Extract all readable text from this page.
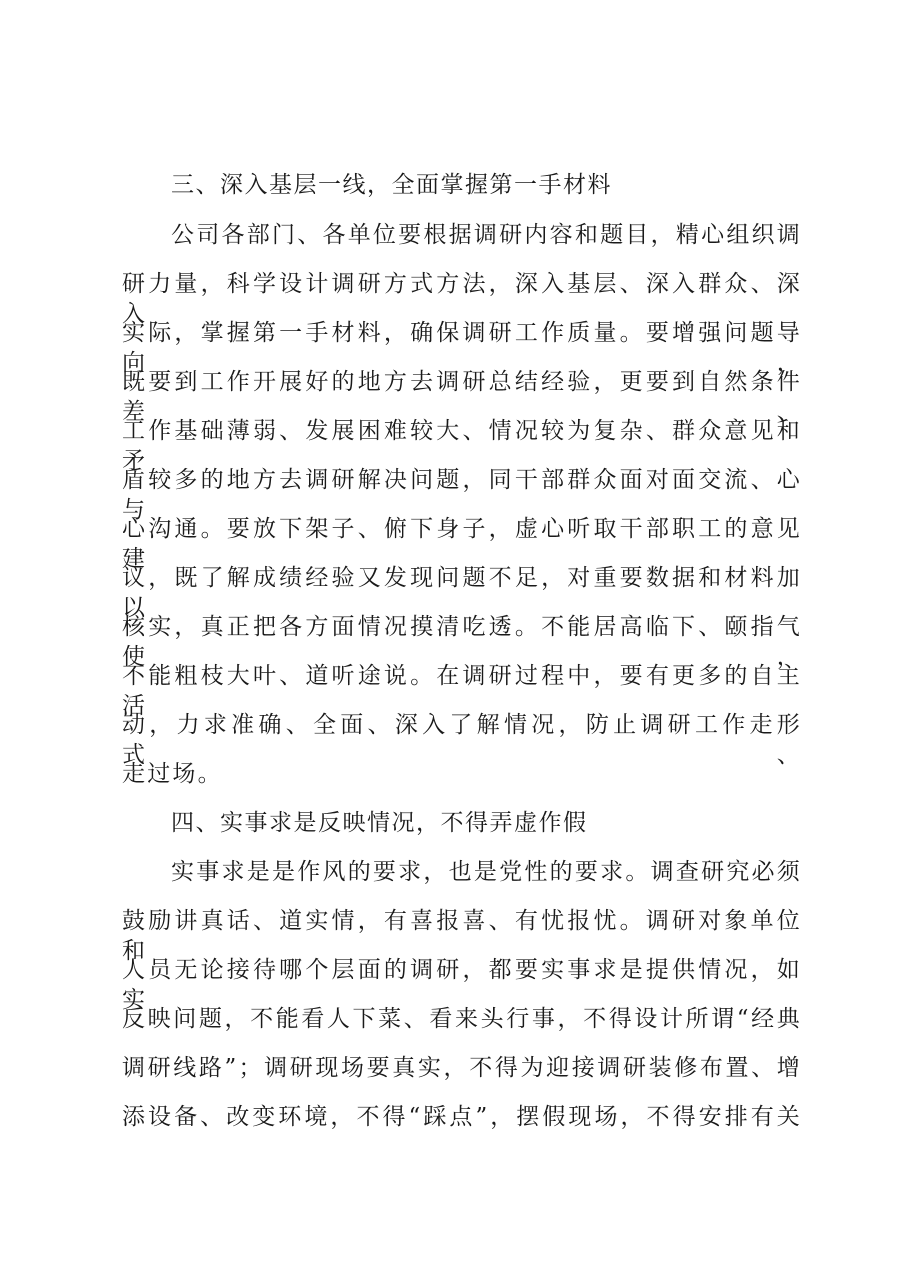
三、深入基层一线，全面掌握第一手材料
公司各部门、各单位要根据调研内容和题目，精心组织调
研力量，科学设计调研方式方法，深入基层、深入群众、深入
实际，掌握第一手材料，确保调研工作质量。要增强问题导向，
既要到工作开展好的地方去调研总结经验，更要到自然条件差、
工作基础薄弱、发展困难较大、情况较为复杂、群众意见和矛
盾较多的地方去调研解决问题，同干部群众面对面交流、心与
心沟通。要放下架子、俯下身子，虚心听取干部职工的意见建
议，既了解成绩经验又发现问题不足，对重要数据和材料加以
核实，真正把各方面情况摸清吃透。不能居高临下、颐指气使，
不能粗枝大叶、道听途说。在调研过程中，要有更多的自主活
动，力求准确、全面、深入了解情况，防止调研工作走形式、
走过场。
四、实事求是反映情况，不得弄虚作假
实事求是是作风的要求，也是党性的要求。调查研究必须
鼓励讲真话、道实情，有喜报喜、有忧报忧。调研对象单位和
人员无论接待哪个层面的调研，都要实事求是提供情况，如实
反映问题，不能看人下菜、看来头行事，不得设计所谓“经典
调研线路”；调研现场要真实，不得为迎接调研装修布置、增
添设备、改变环境，不得“踩点”，摆假现场，不得安排有关
